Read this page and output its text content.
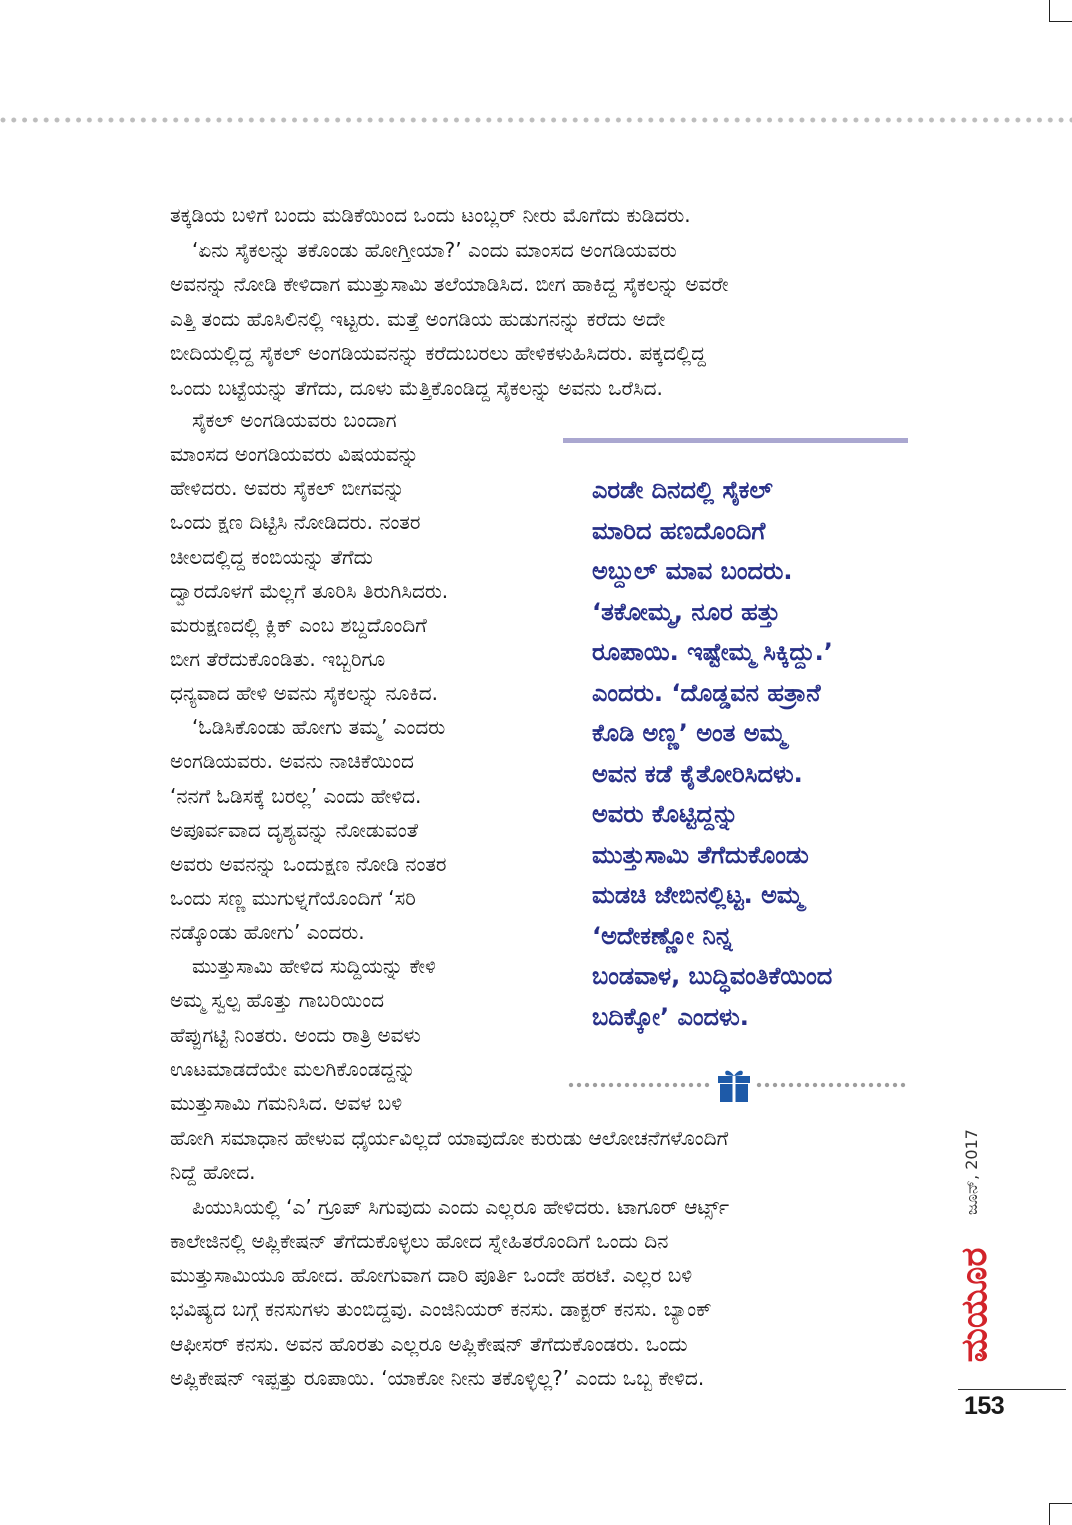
ತಕ್ಕಡಿಯ ಬಳಿಗೆ ಬಂದು ಮಡಿಕೆಯಿಂದ ಒಂದು ಟಂಬ್ಲರ್ ನೀರು ಮೊಗೆದು ಕುಡಿದರು.
‘ಏನು ಸೈಕಲನ್ನು ತಕೊಂಡು ಹೋಗ್ತೀಯಾ?’ ಎಂದು ಮಾಂಸದ ಅಂಗಡಿಯವರು
ಅವನನ್ನು ನೋಡಿ ಕೇಳಿದಾಗ ಮುತ್ತುಸಾಮಿ ತಲೆಯಾಡಿಸಿದ. ಬೀಗ ಹಾಕಿದ್ದ ಸೈಕಲನ್ನು ಅವರೇ
ಎತ್ತಿ ತಂದು ಹೊಸಿಲಿನಲ್ಲಿ ಇಟ್ಟರು. ಮತ್ತೆ ಅಂಗಡಿಯ ಹುಡುಗನನ್ನು ಕರೆದು ಅದೇ
ಬೀದಿಯಲ್ಲಿದ್ದ ಸೈಕಲ್ ಅಂಗಡಿಯವನನ್ನು ಕರೆದುಬರಲು ಹೇಳಿಕಳುಹಿಸಿದರು. ಪಕ್ಕದಲ್ಲಿದ್ದ
ಒಂದು ಬಟ್ಟೆಯನ್ನು ತೆಗೆದು, ದೂಳು ಮೆತ್ತಿಕೊಂಡಿದ್ದ ಸೈಕಲನ್ನು ಅವನು ಒರೆಸಿದ.
ಸೈಕಲ್ ಅಂಗಡಿಯವರು ಬಂದಾಗ
ಮಾಂಸದ ಅಂಗಡಿಯವರು ವಿಷಯವನ್ನು
ಹೇಳಿದರು. ಅವರು ಸೈಕಲ್ ಬೀಗವನ್ನು
ಒಂದು ಕ್ಷಣ ದಿಟ್ಟಿಸಿ ನೋಡಿದರು. ನಂತರ
ಚೀಲದಲ್ಲಿದ್ದ ಕಂಬಿಯನ್ನು ತೆಗೆದು
ದ್ವಾರದೊಳಗೆ ಮೆಲ್ಲಗೆ ತೂರಿಸಿ ತಿರುಗಿಸಿದರು.
ಮರುಕ್ಷಣದಲ್ಲಿ ಕ್ಲಿಕ್ ಎಂಬ ಶಬ್ದದೊಂದಿಗೆ
ಬೀಗ ತೆರೆದುಕೊಂಡಿತು. ಇಬ್ಬರಿಗೂ
ಧನ್ಯವಾದ ಹೇಳಿ ಅವನು ಸೈಕಲನ್ನು ನೂಕಿದ.
‘ಓಡಿಸಿಕೊಂಡು ಹೋಗು ತಮ್ಮ’ ಎಂದರು
ಅಂಗಡಿಯವರು. ಅವನು ನಾಚಿಕೆಯಿಂದ
‘ನನಗೆ ಓಡಿಸಕ್ಕೆ ಬರಲ್ಲ’ ಎಂದು ಹೇಳಿದ.
ಅಪೂರ್ವವಾದ ದೃಶ್ಯವನ್ನು ನೋಡುವಂತೆ
ಅವರು ಅವನನ್ನು ಒಂದುಕ್ಷಣ ನೋಡಿ ನಂತರ
ಒಂದು ಸಣ್ಣ ಮುಗುಳ್ನಗೆಯೊಂದಿಗೆ ‘ಸರಿ
ನಡ್ಕೊಂಡು ಹೋಗು’ ಎಂದರು.
ಮುತ್ತುಸಾಮಿ ಹೇಳಿದ ಸುದ್ದಿಯನ್ನು ಕೇಳಿ
ಅಮ್ಮ ಸ್ವಲ್ಪ ಹೊತ್ತು ಗಾಬರಿಯಿಂದ
ಹೆಪ್ಪುಗಟ್ಟಿ ನಿಂತರು. ಅಂದು ರಾತ್ರಿ ಅವಳು
ಊಟಮಾಡದೆಯೇ ಮಲಗಿಕೊಂಡದ್ದನ್ನು
ಮುತ್ತುಸಾಮಿ ಗಮನಿಸಿದ. ಅವಳ ಬಳಿ
ಎರಡೇ ದಿನದಲ್ಲಿ ಸೈಕಲ್
ಮಾರಿದ ಹಣದೊಂದಿಗೆ
ಅಬ್ದುಲ್ ಮಾವ ಬಂದರು.
‘ತಕೋಮ್ಮ, ನೂರ ಹತ್ತು
ರೂಪಾಯಿ. ಇಷ್ಟೇಮ್ಮ ಸಿಕ್ಕಿದ್ದು.’
ಎಂದರು. ‘ದೊಡ್ಡವನ ಹತ್ರಾನೆ
ಕೊಡಿ ಅಣ್ಣ’ ಅಂತ ಅಮ್ಮ
ಅವನ ಕಡೆ ಕೈತೋರಿಸಿದಳು.
ಅವರು ಕೊಟ್ಟಿದ್ದನ್ನು
ಮುತ್ತುಸಾಮಿ ತೆಗೆದುಕೊಂಡು
ಮಡಚಿ ಜೇಬಿನಲ್ಲಿಟ್ಟ. ಅಮ್ಮ
‘ಅದೇಕಣ್ಣೋ ನಿನ್ನ
ಬಂಡವಾಳ, ಬುದ್ಧಿವಂತಿಕೆಯಿಂದ
ಬದಿಕ್ಕೋ’ ಎಂದಳು.
ಹೋಗಿ ಸಮಾಧಾನ ಹೇಳುವ ಧೈರ್ಯವಿಲ್ಲದೆ ಯಾವುದೋ ಕುರುಡು ಆಲೋಚನೆಗಳೊಂದಿಗೆ
ನಿದ್ದೆ ಹೋದ.
ಪಿಯುಸಿಯಲ್ಲಿ ‘ಎ’ ಗ್ರೂಪ್ ಸಿಗುವುದು ಎಂದು ಎಲ್ಲರೂ ಹೇಳಿದರು. ಟಾಗೂರ್ ಆರ್ಟ್ಸ್
ಕಾಲೇಜಿನಲ್ಲಿ ಅಪ್ಲಿಕೇಷನ್ ತೆಗೆದುಕೊಳ್ಳಲು ಹೋದ ಸ್ನೇಹಿತರೊಂದಿಗೆ ಒಂದು ದಿನ
ಮುತ್ತುಸಾಮಿಯೂ ಹೋದ. ಹೋಗುವಾಗ ದಾರಿ ಪೂರ್ತಿ ಒಂದೇ ಹರಟೆ. ಎಲ್ಲರ ಬಳಿ
ಭವಿಷ್ಯದ ಬಗ್ಗೆ ಕನಸುಗಳು ತುಂಬಿದ್ದವು. ಎಂಜಿನಿಯರ್ ಕನಸು. ಡಾಕ್ಟರ್ ಕನಸು. ಬ್ಯಾಂಕ್
ಆಫೀಸರ್ ಕನಸು. ಅವನ ಹೊರತು ಎಲ್ಲರೂ ಅಪ್ಲಿಕೇಷನ್ ತೆಗೆದುಕೊಂಡರು. ಒಂದು
ಅಪ್ಲಿಕೇಷನ್ ಇಪ್ಪತ್ತು ರೂಪಾಯಿ. ‘ಯಾಕೋ ನೀನು ತಕೊಳ್ಳಿಲ್ಲ?’ ಎಂದು ಒಬ್ಬ ಕೇಳಿದ.
ಜೂನ್, 2017
ಮಯೂರ
153
